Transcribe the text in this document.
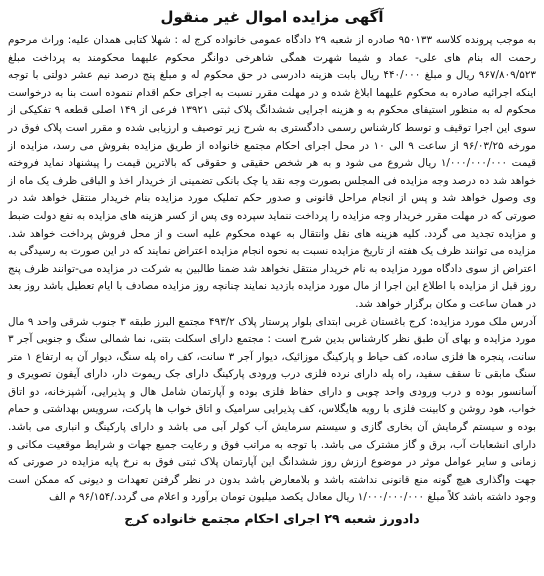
آگهی مزایده اموال غیر منقول

به موجب پرونده کلاسه ۹۵۰۱۳۳ صادره از شعبه ۲۹ دادگاه عمومی خانواده کرج له : شهلا کتابی همدان علیه: وراث مرحوم رحمت اله بنام های علی- عماد و شیما شهرت همگی شاهرخی دوانگر محکوم علیهما محکومند به پرداخت مبلغ ۹۶۷/۸۰۹/۵۲۳ ریال و مبلغ ۴۴۰/۰۰۰ ریال بابت هزینه دادرسی در حق محکوم له و مبلغ پنج درصد نیم عشر دولتی با توجه اینکه اجرائیه صادره به محکوم علیهما ابلاغ شده و در مهلت مقرر نسبت به اجرای حکم اقدام ننموده است بنا به درخواست محکوم له به منظور استیفای محکوم به و هزینه اجرایی ششدانگ پلاک ثبتی ۱۳۹۲۱ فرعی از ۱۴۹ اصلی قطعه ۹ تفکیکی از سوی این اجرا توقیف و توسط کارشناس رسمی دادگستری به شرح زیر توصیف و ارزیابی شده و مقرر است پلاک فوق در مورخه ۹۶/۰۳/۲۵ از ساعت ۹ الی ۱۰ در محل اجرای احکام مجتمع خانواده از طریق مزایده بفروش می رسد، مزایده از قیمت ۱/۰۰۰/۰۰۰/۰۰۰ ریال شروع می شود و به هر شخص حقیقی و حقوقی که بالاترین قیمت را پیشنهاد نماید فروخته خواهد شد ده درصد وجه مزایده فی المجلس بصورت وجه نقد یا چک بانکی تضمینی از خریدار اخذ و الباقی ظرف یک ماه از وی وصول خواهد شد و پس از انجام مراحل قانونی و صدور حکم تملیک مورد مزایده بنام خریدار منتقل خواهد شد در صورتی که در مهلت مقرر خریدار وجه مزایده را پرداخت ننماید سپرده وی پس از کسر هزینه های مزایده به نفع دولت ضبط و مزایده تجدید می گردد. کلیه هزینه های نقل وانتقال به عهده محکوم علیه است و از محل فروش پرداخت خواهد شد. مزایده می توانند ظرف یک هفته از تاریخ مزایده نسبت به نحوه انجام مزایده اعتراض نمایند که در این صورت به رسیدگی به اعتراض از سوی دادگاه مورد مزایده به نام خریدار منتقل نخواهد شد ضمنا طالبین به شرکت در مزایده می-توانند ظرف پنج روز قبل از مزایده با اطلاع این اجرا از مال مورد مزایده بازدید نمایند چنانچه روز مزایده مصادف با ایام تعطیل باشد روز بعد در همان ساعت و مکان برگزار خواهد شد.

آدرس ملک مورد مزایده: کرج باغستان غربی ابتدای بلوار پرستار پلاک ۴۹۳/۲ مجتمع البرز طبقه ۳ جنوب شرقی واحد ۹ مال مورد مزایده و بهای آن طبق نظر کارشناس بدین شرح است : مجتمع دارای اسکلت بتنی، نما شمالی سنگ و جنوبی آجر ۳ سانت، پنجره ها فلزی ساده، کف حیاط و پارکینگ موزائیک، دیوار آجر ۳ سانت، کف راه پله سنگ، دیوار آن به ارتفاع ۱ متر سنگ مابقی تا سقف سفید، راه پله دارای نرده فلزی درب ورودی پارکینگ دارای جک ریموت دار، دارای آیفون تصویری و آسانسور بوده و درب ورودی واحد چوبی و دارای حفاظ فلزی بوده و آپارتمان شامل هال و پذیرایی، آشپزخانه، دو اتاق خواب، هود روشن و کابینت فلزی با رویه هایگلاس، کف پذیرایی سرامیک و اتاق خواب ها پارکت، سرویس بهداشتی و حمام بوده و سیستم گرمایش آن بخاری گازی و سیستم سرمایش آب کولر آبی می باشد و دارای پارکینگ و انباری می باشد. دارای انشعابات آب، برق و گاز مشترک می باشد. با توجه به مراتب فوق و رعایت جمیع جهات و شرایط موقعیت مکانی و زمانی و سایر عوامل موثر در موضوع ارزش روز ششدانگ این آپارتمان پلاک ثبتی فوق به نرخ پایه مزایده در صورتی که جهت واگذاری هیچ گونه منع قانونی نداشته باشد و بلامعارض باشد بدون در نظر گرفتن تعهدات و دیونی که ممکن است وجود داشته باشد کلاً مبلغ ۱/۰۰۰/۰۰۰/۰۰۰ ریال معادل یکصد میلیون تومان برآورد و اعلام می گردد./۹۶/۱۵۴ م الف

دادورز شعبه ۲۹ اجرای احکام مجتمع خانواده کرج
